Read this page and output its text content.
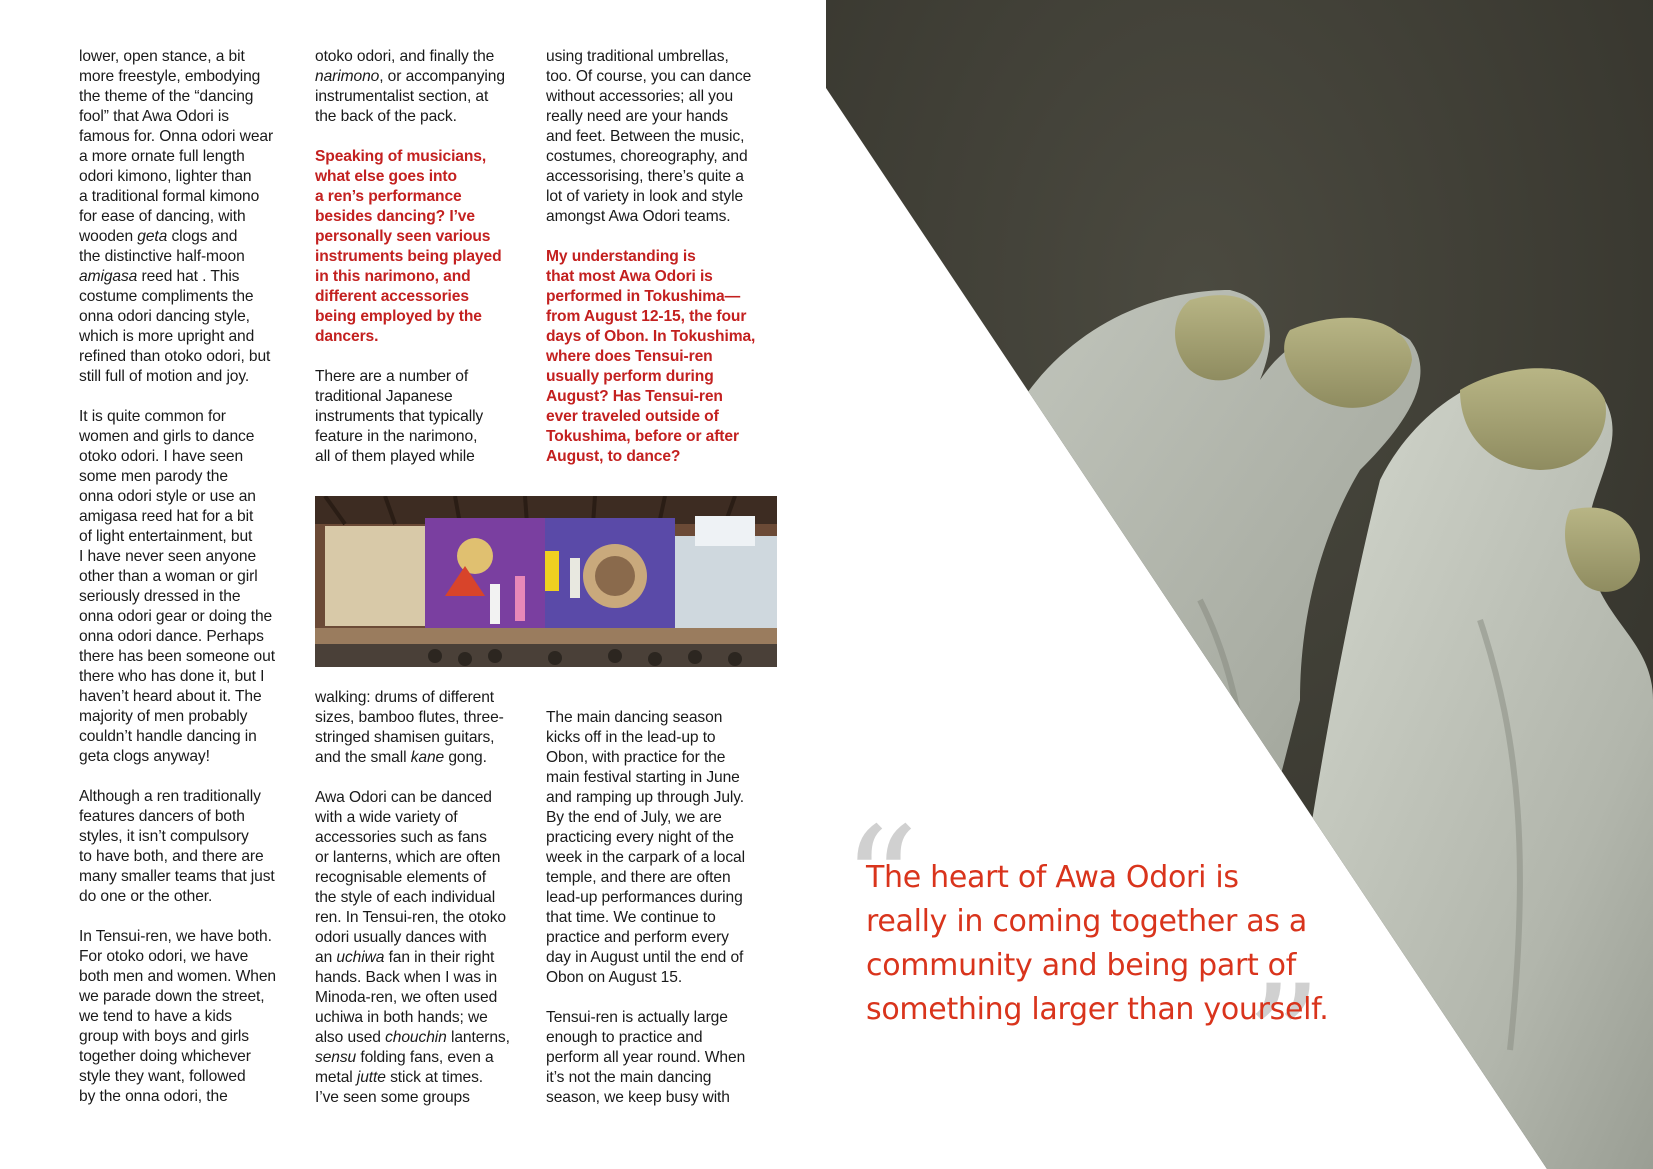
lower, open stance, a bit
more freestyle, embodying
the theme of the “dancing
fool” that Awa Odori is
famous for. Onna odori wear
a more ornate full length
odori kimono, lighter than
a traditional formal kimono
for ease of dancing, with
wooden geta clogs and
the distinctive half-moon
amigasa reed hat . This
costume compliments the
onna odori dancing style,
which is more upright and
refined than otoko odori, but
still full of motion and joy.

It is quite common for
women and girls to dance
otoko odori. I have seen
some men parody the
onna odori style or use an
amigasa reed hat for a bit
of light entertainment, but
I have never seen anyone
other than a woman or girl
seriously dressed in the
onna odori gear or doing the
onna odori dance. Perhaps
there has been someone out
there who has done it, but I
haven’t heard about it. The
majority of men probably
couldn’t handle dancing in
geta clogs anyway!

Although a ren traditionally
features dancers of both
styles, it isn’t compulsory
to have both, and there are
many smaller teams that just
do one or the other.

In Tensui-ren, we have both.
For otoko odori, we have
both men and women. When
we parade down the street,
we tend to have a kids
group with boys and girls
together doing whichever
style they want, followed
by the onna odori, the

otoko odori, and finally the
narimono, or accompanying
instrumentalist section, at
the back of the pack.

Speaking of musicians,
what else goes into
a ren’s performance
besides dancing? I’ve
personally seen various
instruments being played
in this narimono, and
different accessories
being employed by the
dancers.

There are a number of
traditional Japanese
instruments that typically
feature in the narimono,
all of them played while

using traditional umbrellas,
too. Of course, you can dance
without accessories; all you
really need are your hands
and feet. Between the music,
costumes, choreography, and
accessorising, there’s quite a
lot of variety in look and style
amongst Awa Odori teams.

My understanding is
that most Awa Odori is
performed in Tokushima—
from August 12-15, the four
days of Obon. In Tokushima,
where does Tensui-ren
usually perform during
August? Has Tensui-ren
ever traveled outside of
Tokushima, before or after
August, to dance?

walking: drums of different
sizes, bamboo flutes, three-
stringed shamisen guitars,
and the small kane gong.

Awa Odori can be danced
with a wide variety of
accessories such as fans
or lanterns, which are often
recognisable elements of
the style of each individual
ren. In Tensui-ren, the otoko
odori usually dances with
an uchiwa fan in their right
hands. Back when I was in
Minoda-ren, we often used
uchiwa in both hands; we
also used chouchin lanterns,
sensu folding fans, even a
metal jutte stick at times.
I’ve seen some groups

The main dancing season
kicks off in the lead-up to
Obon, with practice for the
main festival starting in June
and ramping up through July.
By the end of July, we are
practicing every night of the
week in the carpark of a local
temple, and there are often
lead-up performances during
that time. We continue to
practice and perform every
day in August until the end of
Obon on August 15.

Tensui-ren is actually large
enough to practice and
perform all year round. When
it’s not the main dancing
season, we keep busy with

“
”
The heart of Awa Odori is
really in coming together as a
community and being part of
something larger than yourself.
